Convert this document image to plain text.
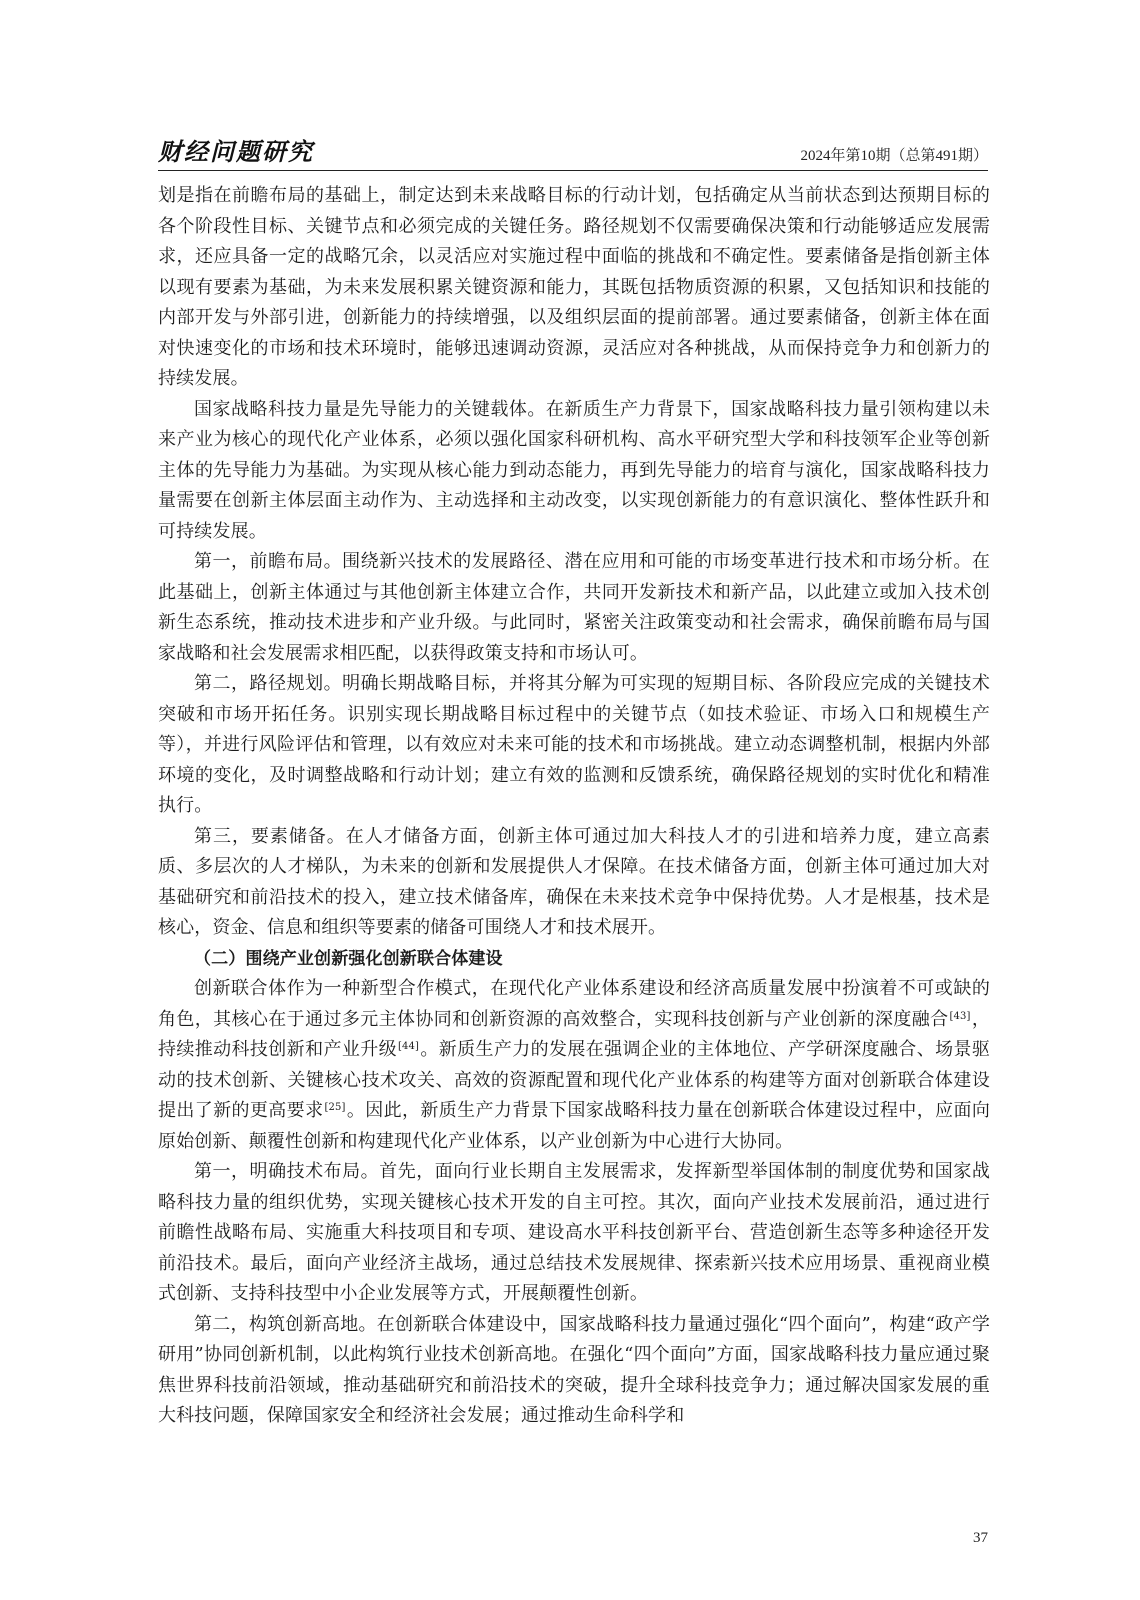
财经问题研究	2024年第10期（总第491期）

划是指在前瞻布局的基础上，制定达到未来战略目标的行动计划，包括确定从当前状态到达预期目标的各个阶段性目标、关键节点和必须完成的关键任务。路径规划不仅需要确保决策和行动能够适应发展需求，还应具备一定的战略冗余，以灵活应对实施过程中面临的挑战和不确定性。要素储备是指创新主体以现有要素为基础，为未来发展积累关键资源和能力，其既包括物质资源的积累，又包括知识和技能的内部开发与外部引进，创新能力的持续增强，以及组织层面的提前部署。通过要素储备，创新主体在面对快速变化的市场和技术环境时，能够迅速调动资源，灵活应对各种挑战，从而保持竞争力和创新力的持续发展。

国家战略科技力量是先导能力的关键载体。在新质生产力背景下，国家战略科技力量引领构建以未来产业为核心的现代化产业体系，必须以强化国家科研机构、高水平研究型大学和科技领军企业等创新主体的先导能力为基础。为实现从核心能力到动态能力，再到先导能力的培育与演化，国家战略科技力量需要在创新主体层面主动作为、主动选择和主动改变，以实现创新能力的有意识演化、整体性跃升和可持续发展。

第一，前瞻布局。围绕新兴技术的发展路径、潜在应用和可能的市场变革进行技术和市场分析。在此基础上，创新主体通过与其他创新主体建立合作，共同开发新技术和新产品，以此建立或加入技术创新生态系统，推动技术进步和产业升级。与此同时，紧密关注政策变动和社会需求，确保前瞻布局与国家战略和社会发展需求相匹配，以获得政策支持和市场认可。

第二，路径规划。明确长期战略目标，并将其分解为可实现的短期目标、各阶段应完成的关键技术突破和市场开拓任务。识别实现长期战略目标过程中的关键节点（如技术验证、市场入口和规模生产等），并进行风险评估和管理，以有效应对未来可能的技术和市场挑战。建立动态调整机制，根据内外部环境的变化，及时调整战略和行动计划；建立有效的监测和反馈系统，确保路径规划的实时优化和精准执行。

第三，要素储备。在人才储备方面，创新主体可通过加大科技人才的引进和培养力度，建立高素质、多层次的人才梯队，为未来的创新和发展提供人才保障。在技术储备方面，创新主体可通过加大对基础研究和前沿技术的投入，建立技术储备库，确保在未来技术竞争中保持优势。人才是根基，技术是核心，资金、信息和组织等要素的储备可围绕人才和技术展开。

（二）围绕产业创新强化创新联合体建设

创新联合体作为一种新型合作模式，在现代化产业体系建设和经济高质量发展中扮演着不可或缺的角色，其核心在于通过多元主体协同和创新资源的高效整合，实现科技创新与产业创新的深度融合[43]，持续推动科技创新和产业升级[44]。新质生产力的发展在强调企业的主体地位、产学研深度融合、场景驱动的技术创新、关键核心技术攻关、高效的资源配置和现代化产业体系的构建等方面对创新联合体建设提出了新的更高要求[25]。因此，新质生产力背景下国家战略科技力量在创新联合体建设过程中，应面向原始创新、颠覆性创新和构建现代化产业体系，以产业创新为中心进行大协同。

第一，明确技术布局。首先，面向行业长期自主发展需求，发挥新型举国体制的制度优势和国家战略科技力量的组织优势，实现关键核心技术开发的自主可控。其次，面向产业技术发展前沿，通过进行前瞻性战略布局、实施重大科技项目和专项、建设高水平科技创新平台、营造创新生态等多种途径开发前沿技术。最后，面向产业经济主战场，通过总结技术发展规律、探索新兴技术应用场景、重视商业模式创新、支持科技型中小企业发展等方式，开展颠覆性创新。

第二，构筑创新高地。在创新联合体建设中，国家战略科技力量通过强化“四个面向”，构建“政产学研用”协同创新机制，以此构筑行业技术创新高地。在强化“四个面向”方面，国家战略科技力量应通过聚焦世界科技前沿领域，推动基础研究和前沿技术的突破，提升全球科技竞争力；通过解决国家发展的重大科技问题，保障国家安全和经济社会发展；通过推动生命科学和

37
